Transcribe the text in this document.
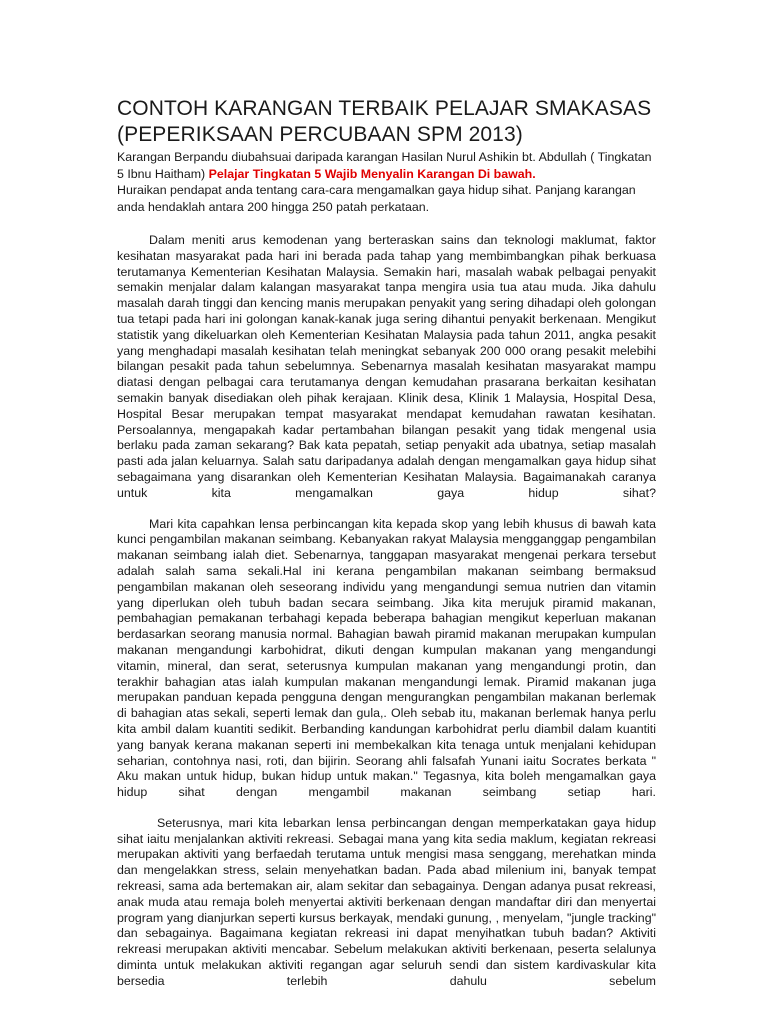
CONTOH KARANGAN TERBAIK PELAJAR SMAKASAS (PEPERIKSAAN PERCUBAAN SPM 2013)

Karangan Berpandu diubahsuai daripada karangan Hasilan Nurul Ashikin bt. Abdullah ( Tingkatan 5 Ibnu Haitham) Pelajar Tingkatan 5 Wajib Menyalin Karangan Di bawah.

Huraikan pendapat anda tentang cara-cara mengamalkan gaya hidup sihat. Panjang karangan anda hendaklah antara 200 hingga 250 patah perkataan.

Dalam meniti arus kemodenan yang berteraskan sains dan teknologi maklumat, faktor kesihatan masyarakat pada hari ini berada pada tahap yang membimbangkan pihak berkuasa terutamanya Kementerian Kesihatan Malaysia. Semakin hari, masalah wabak pelbagai penyakit semakin menjalar dalam kalangan masyarakat tanpa mengira usia tua atau muda. Jika dahulu masalah darah tinggi dan kencing manis merupakan penyakit yang sering dihadapi oleh golongan tua tetapi pada hari ini golongan kanak-kanak juga sering dihantui penyakit berkenaan. Mengikut statistik yang dikeluarkan oleh Kementerian Kesihatan Malaysia pada tahun 2011, angka pesakit yang menghadapi masalah kesihatan telah meningkat sebanyak 200 000 orang pesakit melebihi bilangan pesakit pada tahun sebelumnya. Sebenarnya masalah kesihatan masyarakat mampu diatasi dengan pelbagai cara terutamanya dengan kemudahan prasarana berkaitan kesihatan semakin banyak disediakan oleh pihak kerajaan. Klinik desa, Klinik 1 Malaysia, Hospital Desa, Hospital Besar merupakan tempat masyarakat mendapat kemudahan rawatan kesihatan. Persoalannya, mengapakah kadar pertambahan bilangan pesakit yang tidak mengenal usia berlaku pada zaman sekarang? Bak kata pepatah, setiap penyakit ada ubatnya, setiap masalah pasti ada jalan keluarnya. Salah satu daripadanya adalah dengan mengamalkan gaya hidup sihat sebagaimana yang disarankan oleh Kementerian Kesihatan Malaysia. Bagaimanakah caranya untuk kita mengamalkan gaya hidup sihat?

Mari kita capahkan lensa perbincangan kita kepada skop yang lebih khusus di bawah kata kunci pengambilan makanan seimbang. Kebanyakan rakyat Malaysia mengganggap pengambilan makanan seimbang ialah diet. Sebenarnya, tanggapan masyarakat mengenai perkara tersebut adalah salah sama sekali.Hal ini kerana pengambilan makanan seimbang bermaksud pengambilan makanan oleh seseorang individu yang mengandungi semua nutrien dan vitamin yang diperlukan oleh tubuh badan secara seimbang. Jika kita merujuk piramid makanan, pembahagian pemakanan terbahagi kepada beberapa bahagian mengikut keperluan makanan berdasarkan seorang manusia normal. Bahagian bawah piramid makanan merupakan kumpulan makanan mengandungi karbohidrat, dikuti dengan kumpulan makanan yang mengandungi vitamin, mineral, dan serat, seterusnya kumpulan makanan yang mengandungi protin, dan terakhir bahagian atas ialah kumpulan makanan mengandungi lemak. Piramid makanan juga merupakan panduan kepada pengguna dengan mengurangkan pengambilan makanan berlemak di bahagian atas sekali, seperti lemak dan gula,. Oleh sebab itu, makanan berlemak hanya perlu kita ambil dalam kuantiti sedikit. Berbanding kandungan karbohidrat perlu diambil dalam kuantiti yang banyak kerana makanan seperti ini membekalkan kita tenaga untuk menjalani kehidupan seharian, contohnya nasi, roti, dan bijirin. Seorang ahli falsafah Yunani iaitu Socrates berkata " Aku makan untuk hidup, bukan hidup untuk makan." Tegasnya, kita boleh mengamalkan gaya hidup sihat dengan mengambil makanan seimbang setiap hari.

Seterusnya, mari kita lebarkan lensa perbincangan dengan memperkatakan gaya hidup sihat iaitu menjalankan aktiviti rekreasi. Sebagai mana yang kita sedia maklum, kegiatan rekreasi merupakan aktiviti yang berfaedah terutama untuk mengisi masa senggang, merehatkan minda dan mengelakkan stress, selain menyehatkan badan. Pada abad milenium ini, banyak tempat rekreasi, sama ada bertemakan air, alam sekitar dan sebagainya. Dengan adanya pusat rekreasi, anak muda atau remaja boleh menyertai aktiviti berkenaan dengan mandaftar diri dan menyertai program yang dianjurkan seperti kursus berkayak, mendaki gunung, , menyelam, "jungle tracking" dan sebagainya. Bagaimana kegiatan rekreasi ini dapat menyihatkan tubuh badan? Aktiviti rekreasi merupakan aktiviti mencabar. Sebelum melakukan aktiviti berkenaan, peserta selalunya diminta untuk melakukan aktiviti regangan agar seluruh sendi dan sistem kardivaskular kita bersedia terlebih dahulu sebelum
